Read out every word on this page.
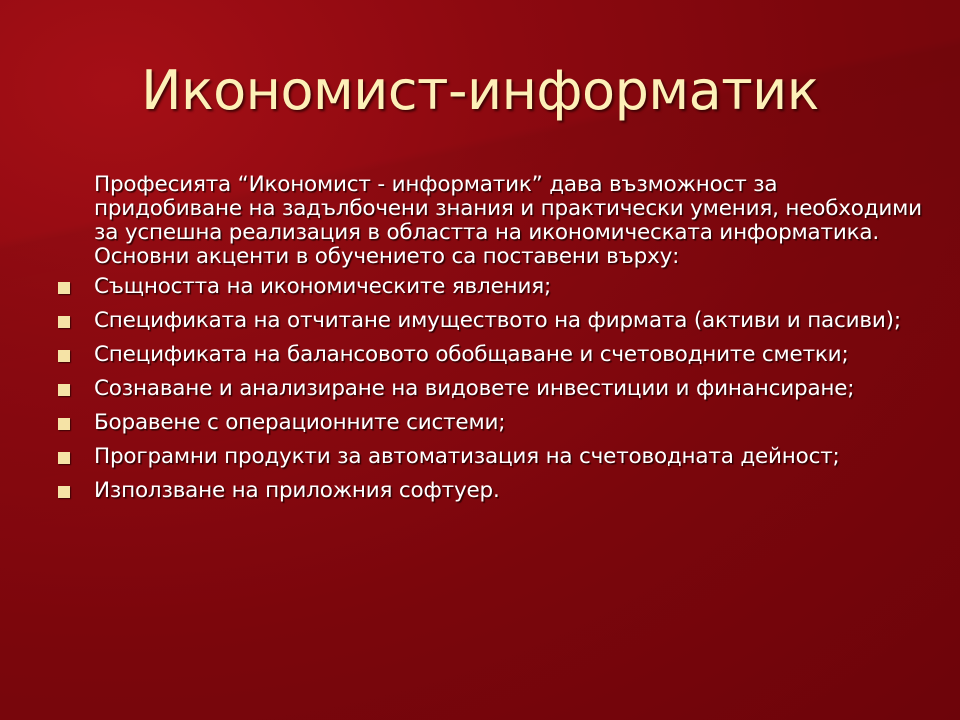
Икономист-информатик

Професията “Икономист - информатик” дава възможност за придобиване на задълбочени знания и практически умения, необходими за успешна реализация в областта на икономическата информатика. Основни акценти в обучението са поставени върху:

Същността на икономическите явления;
Спецификата на отчитане имуществото на фирмата (активи и пасиви);
Спецификата на балансовото обобщаване и счетоводните сметки;
Сознаване и анализиране на видовете инвестиции и финансиране;
Боравене с операционните системи;
Програмни продукти за автоматизация на счетоводната дейност;
Използване на приложния софтуер.
